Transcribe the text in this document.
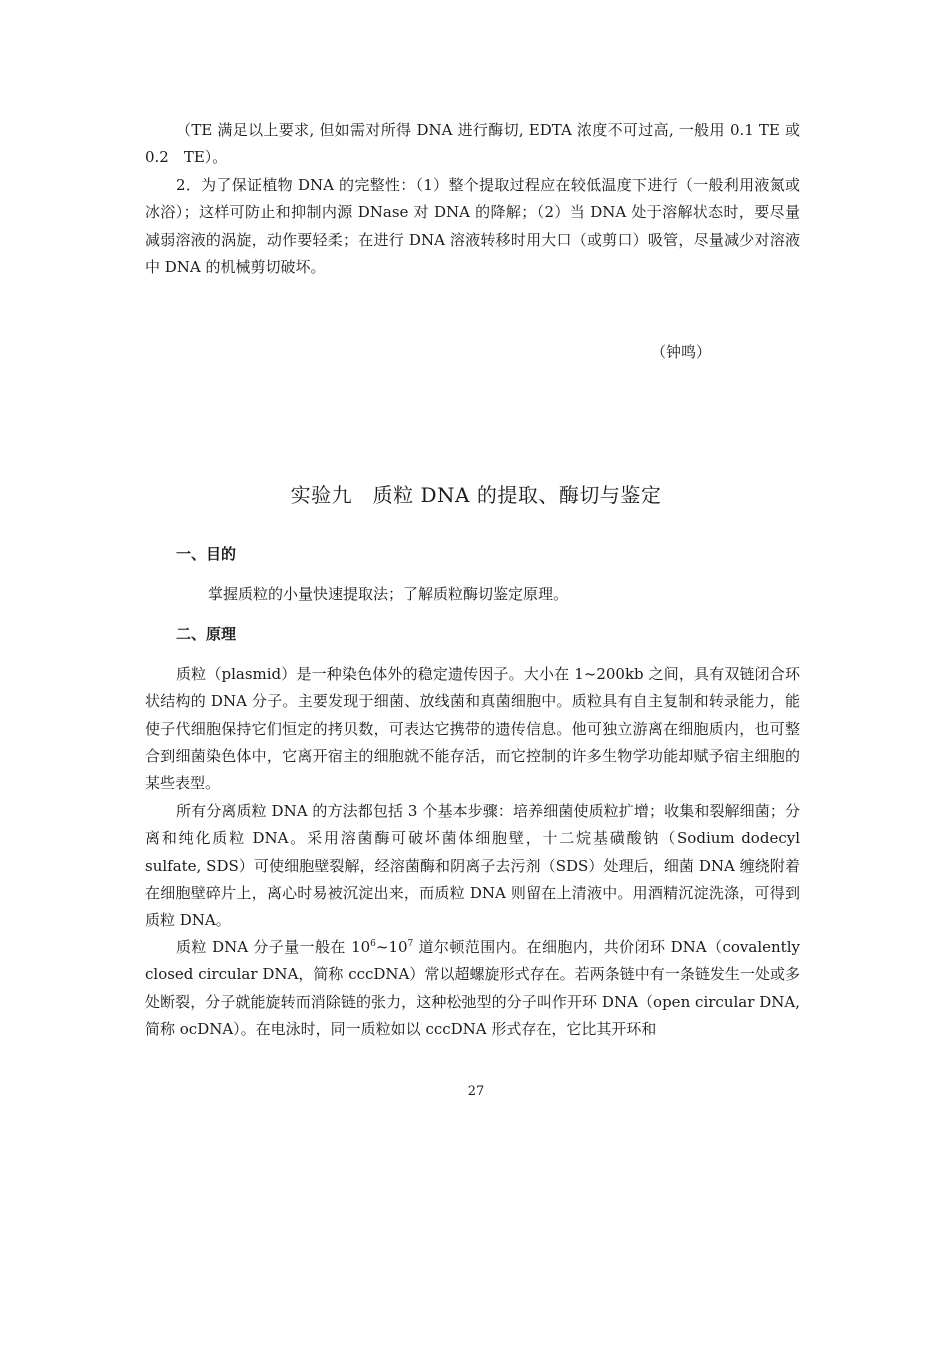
（TE 满足以上要求, 但如需对所得 DNA 进行酶切, EDTA 浓度不可过高, 一般用 0.1 TE 或 0.2　TE）。

2．为了保证植物 DNA 的完整性：（1）整个提取过程应在较低温度下进行（一般利用液氮或冰浴）；这样可防止和抑制内源 DNase 对 DNA 的降解；（2）当 DNA 处于溶解状态时，要尽量减弱溶液的涡旋，动作要轻柔；在进行 DNA 溶液转移时用大口（或剪口）吸管，尽量减少对溶液中 DNA 的机械剪切破坏。

（钟鸣）
实验九　质粒 DNA 的提取、酶切与鉴定
一、目的
掌握质粒的小量快速提取法；了解质粒酶切鉴定原理。
二、原理

质粒（plasmid）是一种染色体外的稳定遗传因子。大小在 1~200kb 之间，具有双链闭合环状结构的 DNA 分子。主要发现于细菌、放线菌和真菌细胞中。质粒具有自主复制和转录能力，能使子代细胞保持它们恒定的拷贝数，可表达它携带的遗传信息。他可独立游离在细胞质内，也可整合到细菌染色体中，它离开宿主的细胞就不能存活，而它控制的许多生物学功能却赋予宿主细胞的某些表型。

所有分离质粒 DNA 的方法都包括 3 个基本步骤：培养细菌使质粒扩增；收集和裂解细菌；分离和纯化质粒 DNA。采用溶菌酶可破坏菌体细胞壁，十二烷基磺酸钠（Sodium dodecyl sulfate, SDS）可使细胞壁裂解，经溶菌酶和阴离子去污剂（SDS）处理后，细菌 DNA 缠绕附着在细胞壁碎片上，离心时易被沉淀出来，而质粒 DNA 则留在上清液中。用酒精沉淀洗涤，可得到质粒 DNA。

质粒 DNA 分子量一般在 $10^6\sim 10^7$ 道尔顿范围内。在细胞内，共价闭环 DNA（covalently closed circular DNA，简称 cccDNA）常以超螺旋形式存在。若两条链中有一条链发生一处或多处断裂，分子就能旋转而消除链的张力，这种松弛型的分子叫作开环 DNA（open circular DNA, 简称 ocDNA）。在电泳时，同一质粒如以 cccDNA 形式存在，它比其开环和

27
